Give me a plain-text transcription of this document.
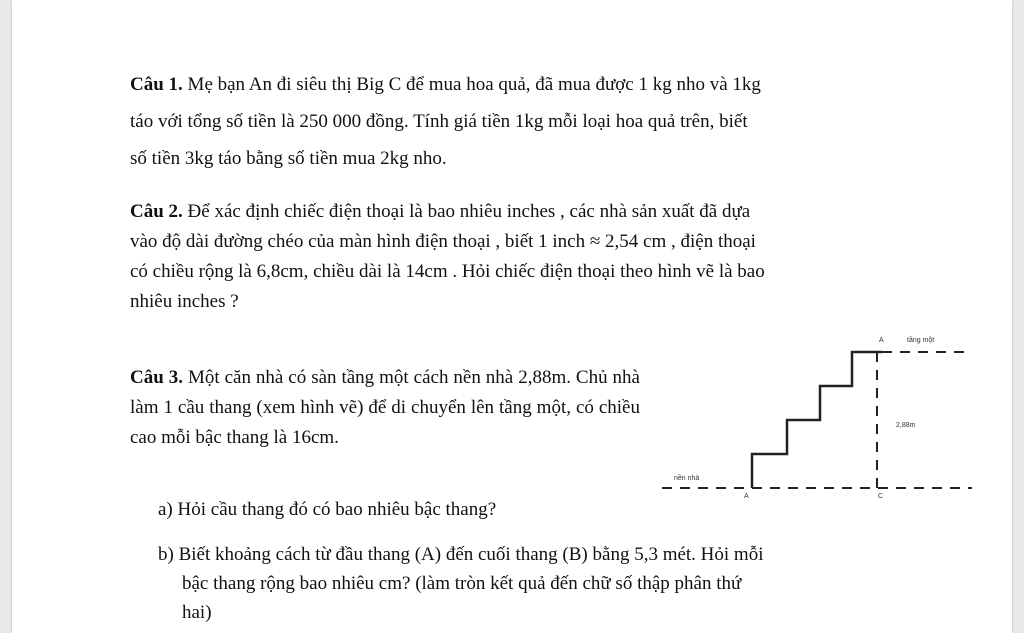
Câu 1. Mẹ bạn An đi siêu thị Big C để mua hoa quả, đã mua được 1 kg nho và 1kg
táo với tổng số tiền là 250 000 đồng. Tính giá tiền 1kg mỗi loại hoa quả trên, biết
số tiền 3kg táo bằng số tiền mua 2kg nho.

Câu 2. Để xác định chiếc điện thoại là bao nhiêu inches , các nhà sản xuất đã dựa
vào độ dài đường chéo của màn hình điện thoại , biết 1 inch ≈ 2,54 cm , điện thoại
có chiều rộng là 6,8cm, chiều dài là 14cm . Hỏi chiếc điện thoại theo hình vẽ là bao
nhiêu inches ?

Câu 3. Một căn nhà có sàn tầng một cách nền nhà 2,88m. Chủ nhà làm 1 cầu thang (xem hình vẽ) để di chuyển lên tầng một, có chiều cao mỗi bậc thang là 16cm.

a) Hỏi cầu thang đó có bao nhiêu bậc thang?

b) Biết khoảng cách từ đầu thang (A) đến cuối thang (B) bằng 5,3 mét. Hỏi mỗi

bậc thang rộng bao nhiêu cm? (làm tròn kết quả đến chữ số thập phân thứ
hai)

nền nhà
tầng một
2,88m
A
A
C
